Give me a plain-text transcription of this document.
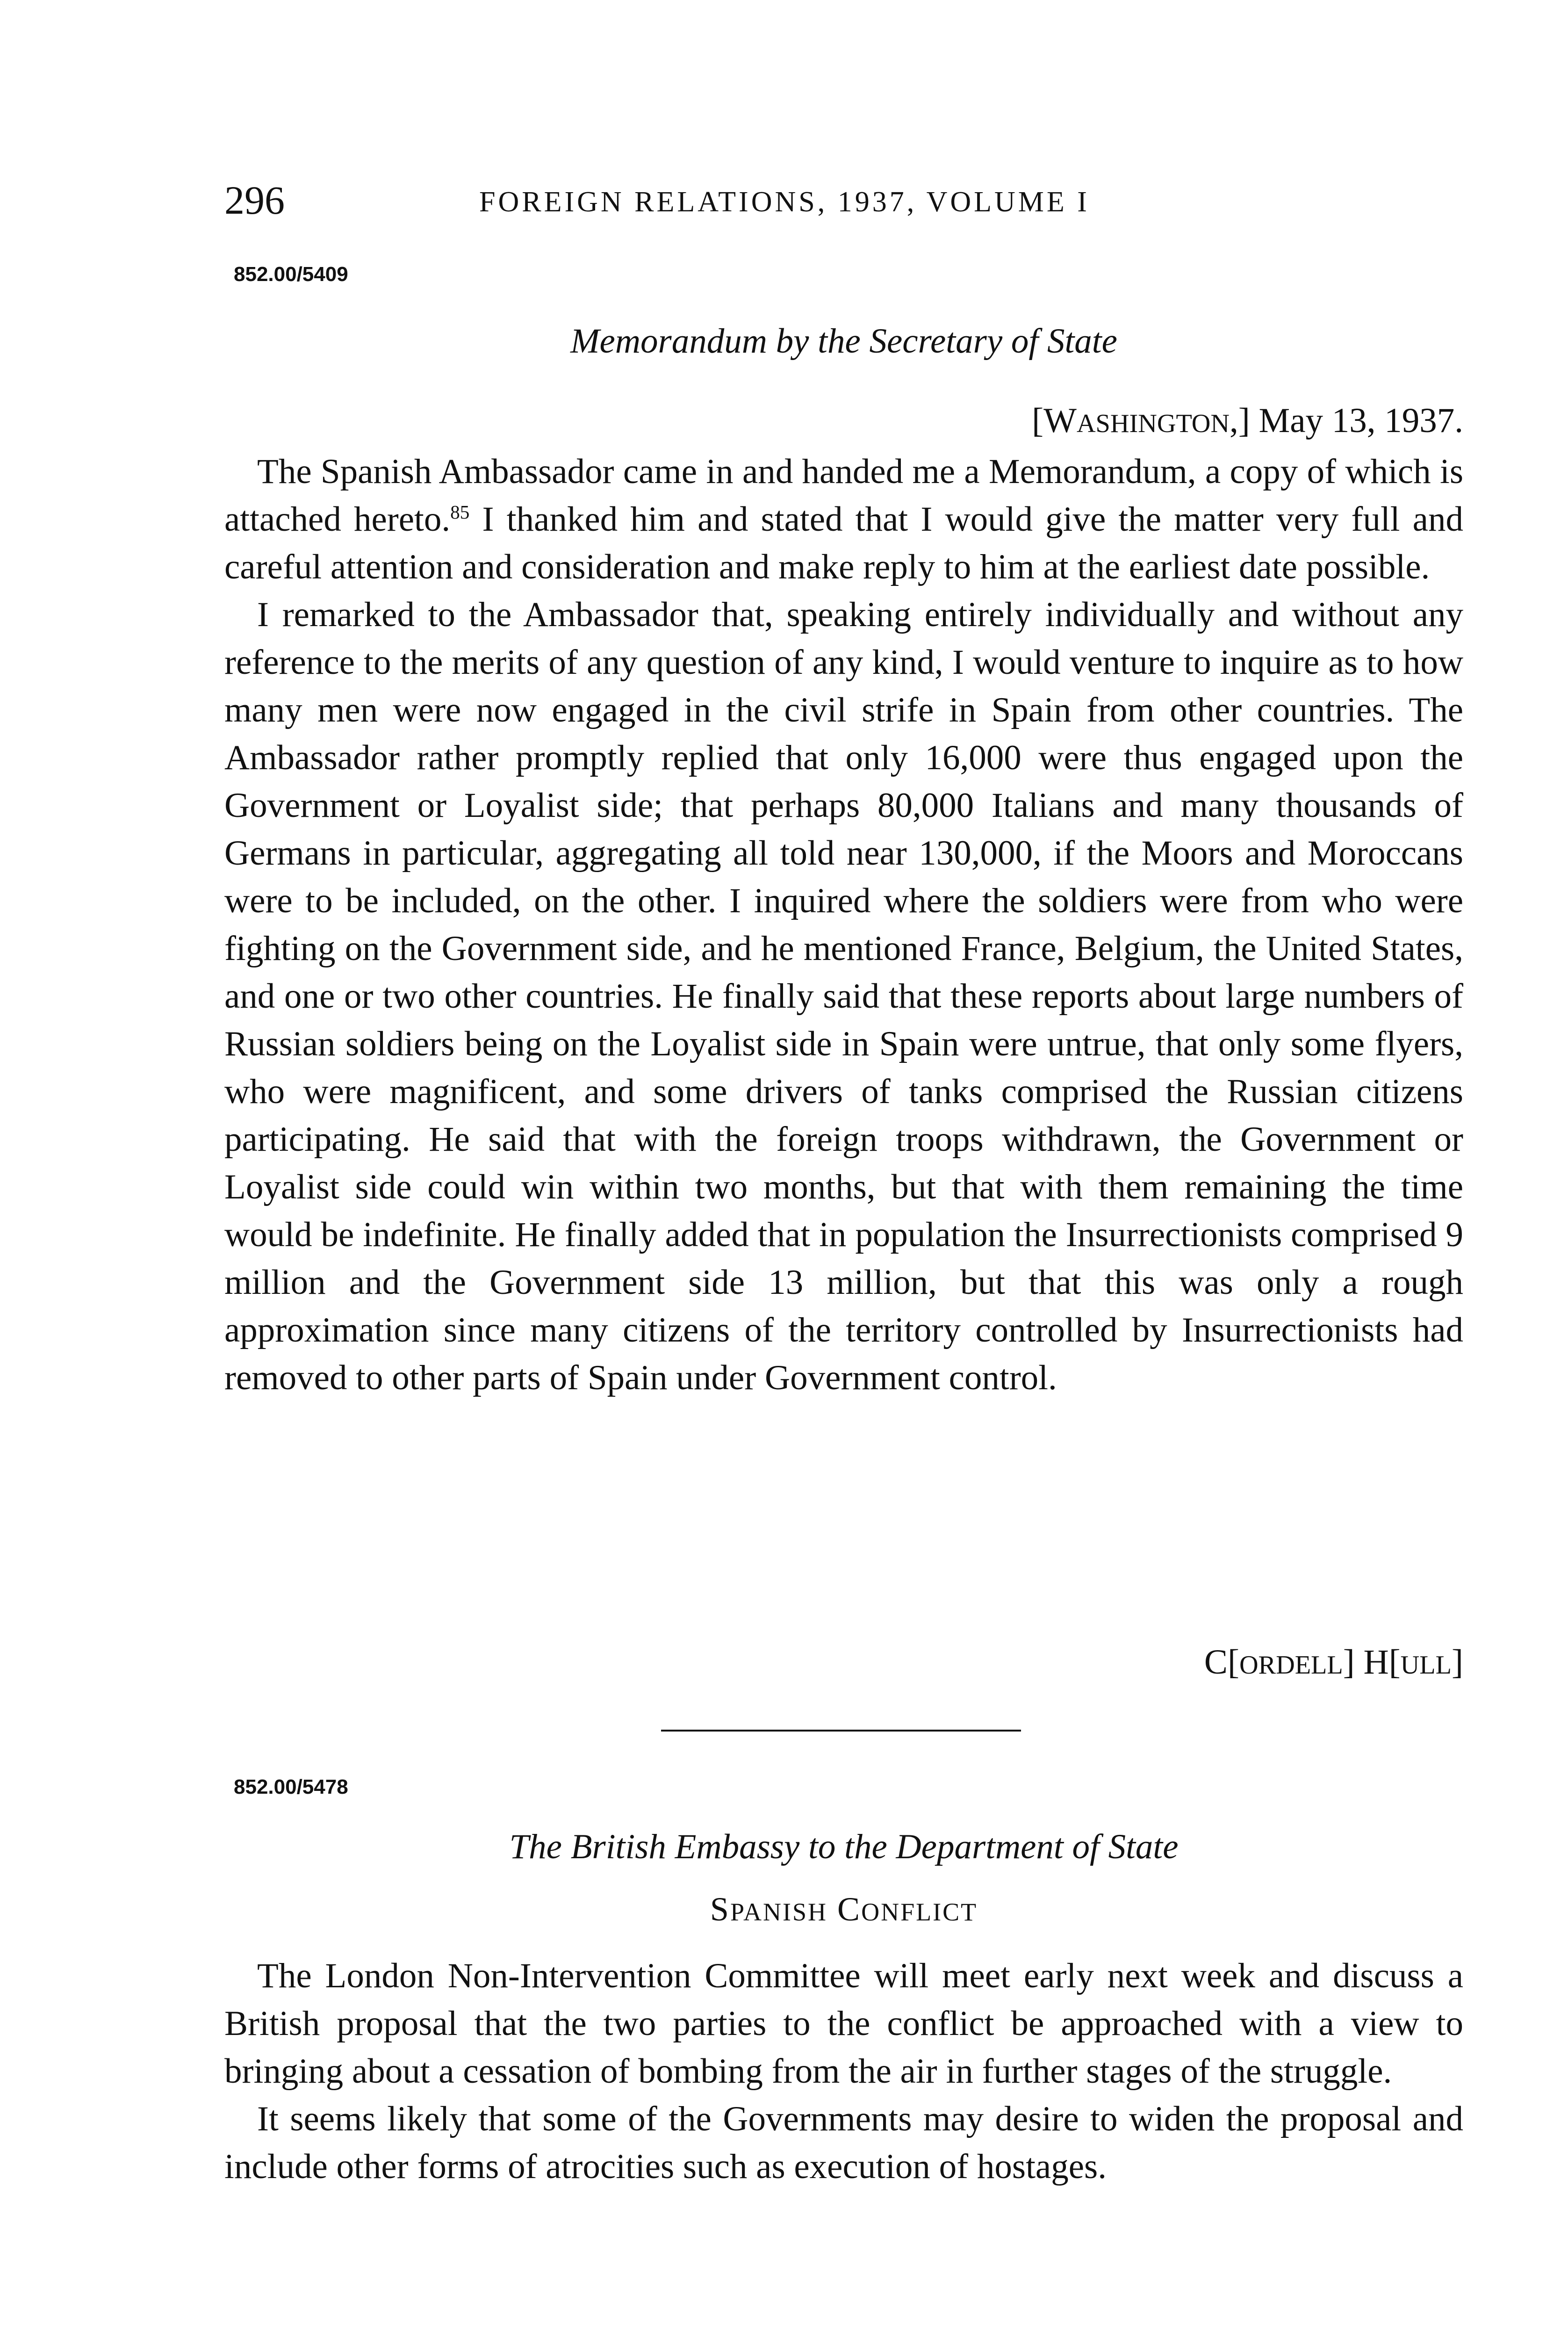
296	FOREIGN RELATIONS, 1937, VOLUME I
852.00/5409
Memorandum by the Secretary of State
[WASHINGTON,] May 13, 1937.

The Spanish Ambassador came in and handed me a Memorandum, a copy of which is attached hereto.$^{85}$ I thanked him and stated that I would give the matter very full and careful attention and consideration and make reply to him at the earliest date possible.

I remarked to the Ambassador that, speaking entirely individually and without any reference to the merits of any question of any kind, I would venture to inquire as to how many men were now engaged in the civil strife in Spain from other countries. The Ambassador rather promptly replied that only 16,000 were thus engaged upon the Government or Loyalist side; that perhaps 80,000 Italians and many thousands of Germans in particular, aggregating all told near 130,000, if the Moors and Moroccans were to be included, on the other. I inquired where the soldiers were from who were fighting on the Government side, and he mentioned France, Belgium, the United States, and one or two other countries. He finally said that these reports about large numbers of Russian soldiers being on the Loyalist side in Spain were untrue, that only some flyers, who were magnificent, and some drivers of tanks comprised the Russian citizens participating. He said that with the foreign troops withdrawn, the Government or Loyalist side could win within two months, but that with them remaining the time would be indefinite. He finally added that in population the Insurrectionists comprised 9 million and the Government side 13 million, but that this was only a rough approximation since many citizens of the territory controlled by Insurrectionists had removed to other parts of Spain under Government control.

C[ORDELL] H[ULL]
852.00/5478
The British Embassy to the Department of State
SPANISH CONFLICT

The London Non-Intervention Committee will meet early next week and discuss a British proposal that the two parties to the conflict be approached with a view to bringing about a cessation of bombing from the air in further stages of the struggle.

It seems likely that some of the Governments may desire to widen the proposal and include other forms of atrocities such as execution of hostages.
